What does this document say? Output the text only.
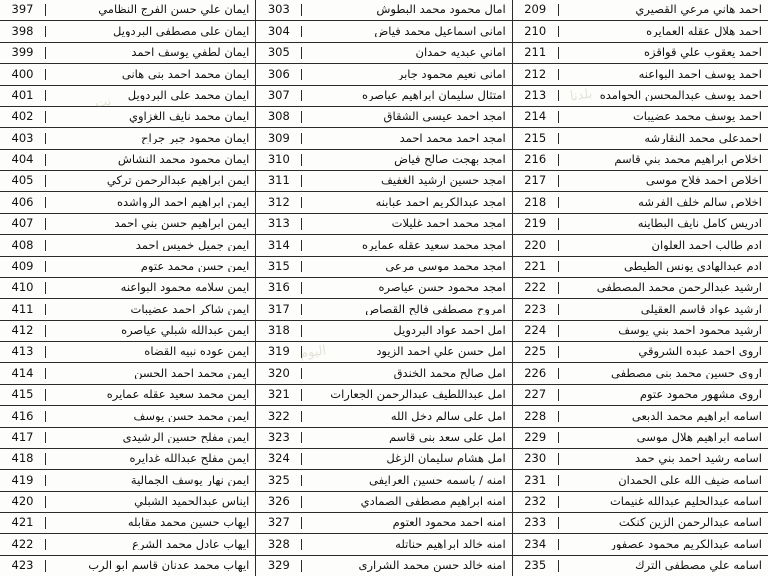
احمد هاني مرعي القصيري
209
احمد هلال عقله العمايره
210
احمد يعقوب علي قواقزه
211
احمد يوسف احمد البواعنه
212
احمد يوسف عبدالمحسن الحوامده
213
احمد يوسف محمد عضيبات
214
احمدعلي محمد النقارشه
215
اخلاص ابراهيم محمد بني قاسم
216
اخلاص احمد فلاح موسى
217
اخلاص سالم خلف الفرشه
218
ادريس كامل نايف البطاينه
219
ادم طالب احمد العلوان
220
ادم عبدالهادي يونس الطيطي
221
ارشيد عبدالرحمن محمد المصطفى
222
ارشيد عواد قاسم العقيلي
223
ارشيد محمود احمد بني يوسف
224
اروى احمد عبده الشروقي
225
اروى حسين محمد بني مصطفى
226
اروى مشهور محمود عتوم
227
اسامه ابراهيم محمد الدبعي
228
اسامه ابراهيم هلال موسى
229
اسامه رشيد احمد بني حمد
230
اسامه ضيف الله علي الحمدان
231
اسامه عبدالحليم عبدالله غنيمات
232
اسامه عبدالرحمن الزين كنكت
233
اسامه عبدالكريم محمود عصفور
234
اسامه علي مصطفى الترك
235
امال محمود محمد البطوش
303
اماني اسماعيل محمد فياض
304
اماني عبديه حمدان
305
اماني نعيم محمود جابر
306
امتثال سليمان ابراهيم عياصره
307
امجد احمد عيسى الشقاق
308
امجد احمد محمد احمد
309
امجد بهجت صالح فياض
310
امجد حسين ارشيد الغفيف
311
امجد عبدالكريم احمد عبابنه
312
امجد محمد احمد غليلات
313
امجد محمد سعيد عقله عمايره
314
امجد محمد موسى مرعي
315
امجد محمود حسن عياصره
316
امروح مصطفى فالح القصاص
317
امل احمد عواد البردويل
318
امل حسن علي احمد الزيود
319
امل صالح محمد الخندق
320
امل عبداللطيف عبدالرحمن الجعارات
321
امل علي سالم دخل الله
322
امل علي سعد بني قاسم
323
امل هشام سليمان الزغل
324
امنه / باسمه حسين العرايفي
325
امنه ابراهيم مصطفى الصمادي
326
امنه احمد محمود العتوم
327
امنه خالد ابراهيم حناتله
328
امنه خالد حسن محمد الشرارى
329
ايمان علي حسن الفرج النظامي
397
ايمان علي مصطفى البردويل
398
ايمان لطفي يوسف احمد
399
ايمان محمد احمد بني هاني
400
ايمان محمد علي البردويل
401
ايمان محمد نايف الغزاوي
402
ايمان محمود جبر جراح
403
ايمان محمود محمد النشاش
404
ايمن ابراهيم عبدالرحمن تركي
405
ايمن ابراهيم احمد الرواشده
406
ايمن ابراهيم حسن بني احمد
407
ايمن جميل خميس احمد
408
ايمن حسن محمد عتوم
409
ايمن سلامه محمود البواعنه
410
ايمن شاكر احمد عضيبات
411
ايمن عبدالله شبلي عياصره
412
ايمن عوده نبيه القضاه
413
ايمن محمد احمد الحسن
414
ايمن محمد سعيد عقله عمايره
415
ايمن محمد حسن يوسف
416
ايمن مفلح حسين الرشيدي
417
ايمن مفلح عبدالله غدايره
418
ايمن نهار يوسف الجمالية
419
ايناس عبدالحميد الشبلي
420
ايهاب حسين محمد مقابله
421
ايهاب عادل محمد الشرع
422
ايهاب محمد عدنان قاسم ابو الرب
423
بلدنا
اليوم
نت
